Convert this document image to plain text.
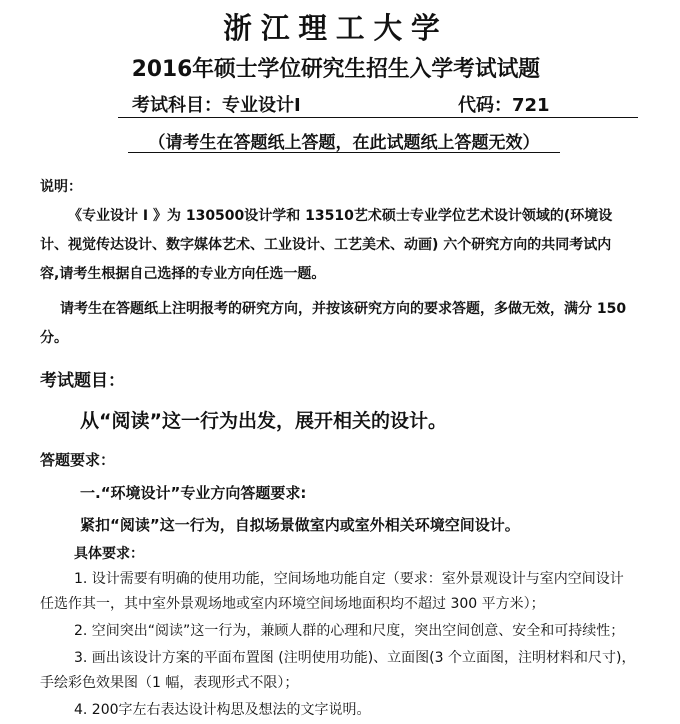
浙江理工大学
2016年硕士学位研究生招生入学考试试题
考试科目：专业设计Ⅰ	代码：721
（请考生在答题纸上答题，在此试题纸上答题无效）
说明：
《专业设计 Ⅰ 》为 130500设计学和 13510艺术硕士专业学位艺术设计领域的(环境设
计、视觉传达设计、数字媒体艺术、工业设计、工艺美术、动画) 六个研究方向的共同考试内
容,请考生根据自己选择的专业方向任选一题。
请考生在答题纸上注明报考的研究方向，并按该研究方向的要求答题，多做无效，满分 150
分。
考试题目：
从“阅读”这一行为出发，展开相关的设计。
答题要求：
一.“环境设计”专业方向答题要求:
紧扣“阅读”这一行为，自拟场景做室内或室外相关环境空间设计。
具体要求：
1. 设计需要有明确的使用功能，空间场地功能自定（要求：室外景观设计与室内空间设计
任选作其一，其中室外景观场地或室内环境空间场地面积均不超过 300 平方米）；
2. 空间突出“阅读”这一行为，兼顾人群的心理和尺度，突出空间创意、安全和可持续性；
3. 画出该设计方案的平面布置图 (注明使用功能)、立面图(3 个立面图，注明材料和尺寸)，
手绘彩色效果图（1 幅，表现形式不限）；
4. 200字左右表达设计构思及想法的文字说明。
